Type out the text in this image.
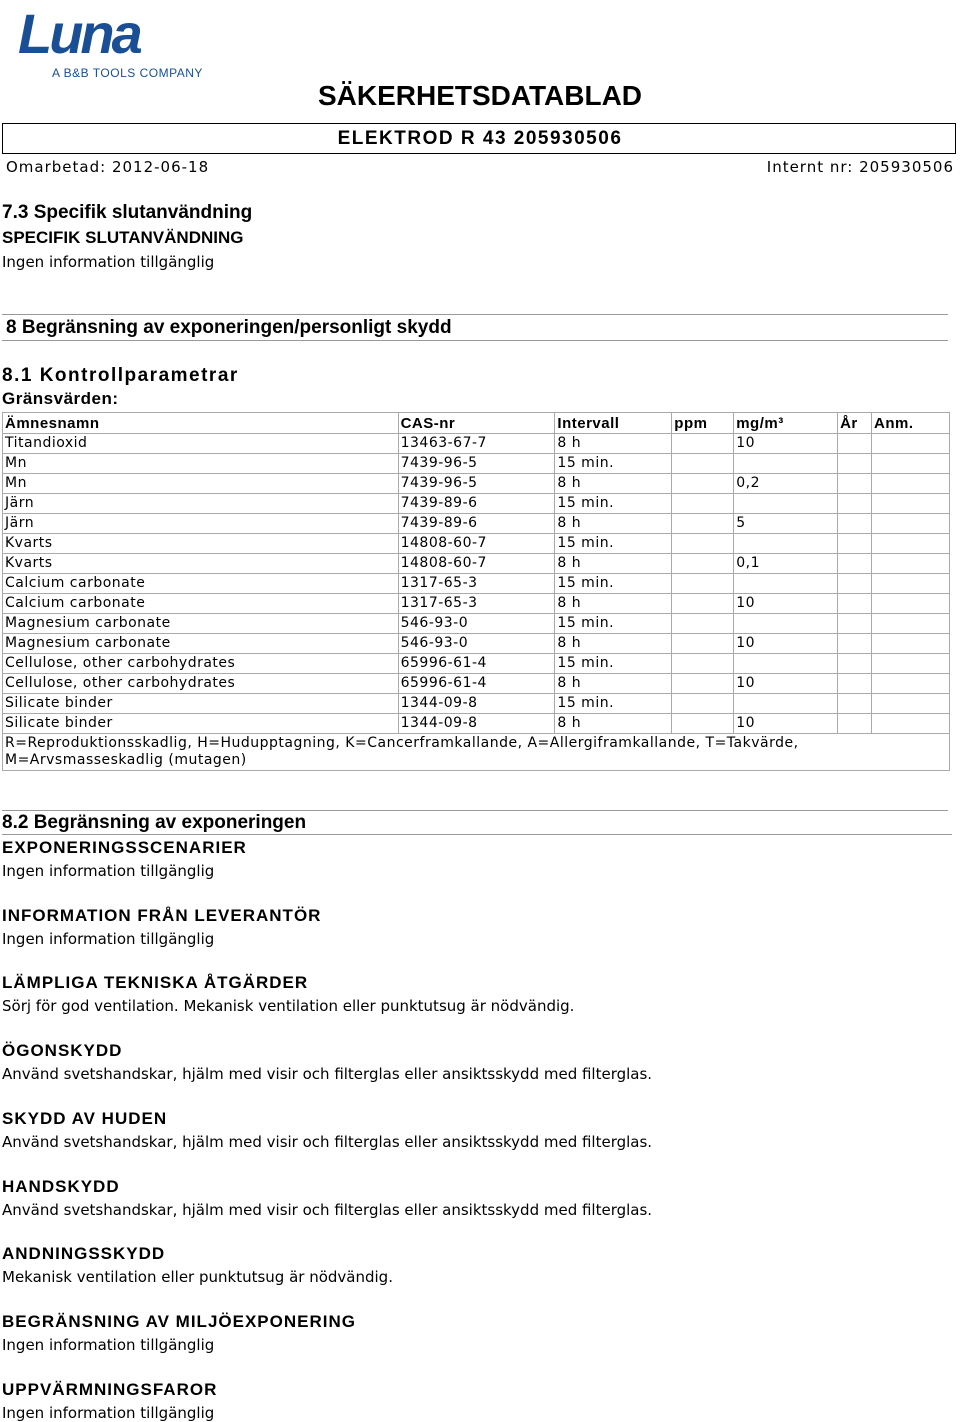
Luna
A B&B TOOLS COMPANY
SÄKERHETSDATABLAD
ELEKTROD R 43 205930506
Omarbetad: 2012-06-18	Internt nr: 205930506
7.3 Specifik slutanvändning
SPECIFIK SLUTANVÄNDNING
Ingen information tillgänglig
8 Begränsning av exponeringen/personligt skydd
8.1 Kontrollparametrar
Gränsvärden:
Ämnesnamn	CAS-nr	Intervall	ppm	mg/m³	År	Anm.
Titandioxid	13463-67-7	8 h		10		
Mn	7439-96-5	15 min.				
Mn	7439-96-5	8 h		0,2		
Järn	7439-89-6	15 min.				
Järn	7439-89-6	8 h		5		
Kvarts	14808-60-7	15 min.				
Kvarts	14808-60-7	8 h		0,1		
Calcium carbonate	1317-65-3	15 min.				
Calcium carbonate	1317-65-3	8 h		10		
Magnesium carbonate	546-93-0	15 min.				
Magnesium carbonate	546-93-0	8 h		10		
Cellulose, other carbohydrates	65996-61-4	15 min.				
Cellulose, other carbohydrates	65996-61-4	8 h		10		
Silicate binder	1344-09-8	15 min.				
Silicate binder	1344-09-8	8 h		10		
R=Reproduktionsskadlig, H=Hudupptagning, K=Cancerframkallande, A=Allergiframkallande, T=Takvärde, M=Arvsmasseskadlig (mutagen)						
8.2 Begränsning av exponeringen
EXPONERINGSSCENARIER
Ingen information tillgänglig
INFORMATION FRÅN LEVERANTÖR
Ingen information tillgänglig
LÄMPLIGA TEKNISKA ÅTGÄRDER
Sörj för god ventilation. Mekanisk ventilation eller punktutsug är nödvändig.
ÖGONSKYDD
Använd svetshandskar, hjälm med visir och filterglas eller ansiktsskydd med filterglas.
SKYDD AV HUDEN
Använd svetshandskar, hjälm med visir och filterglas eller ansiktsskydd med filterglas.
HANDSKYDD
Använd svetshandskar, hjälm med visir och filterglas eller ansiktsskydd med filterglas.
ANDNINGSSKYDD
Mekanisk ventilation eller punktutsug är nödvändig.
BEGRÄNSNING AV MILJÖEXPONERING
Ingen information tillgänglig
UPPVÄRMNINGSFAROR
Ingen information tillgänglig
